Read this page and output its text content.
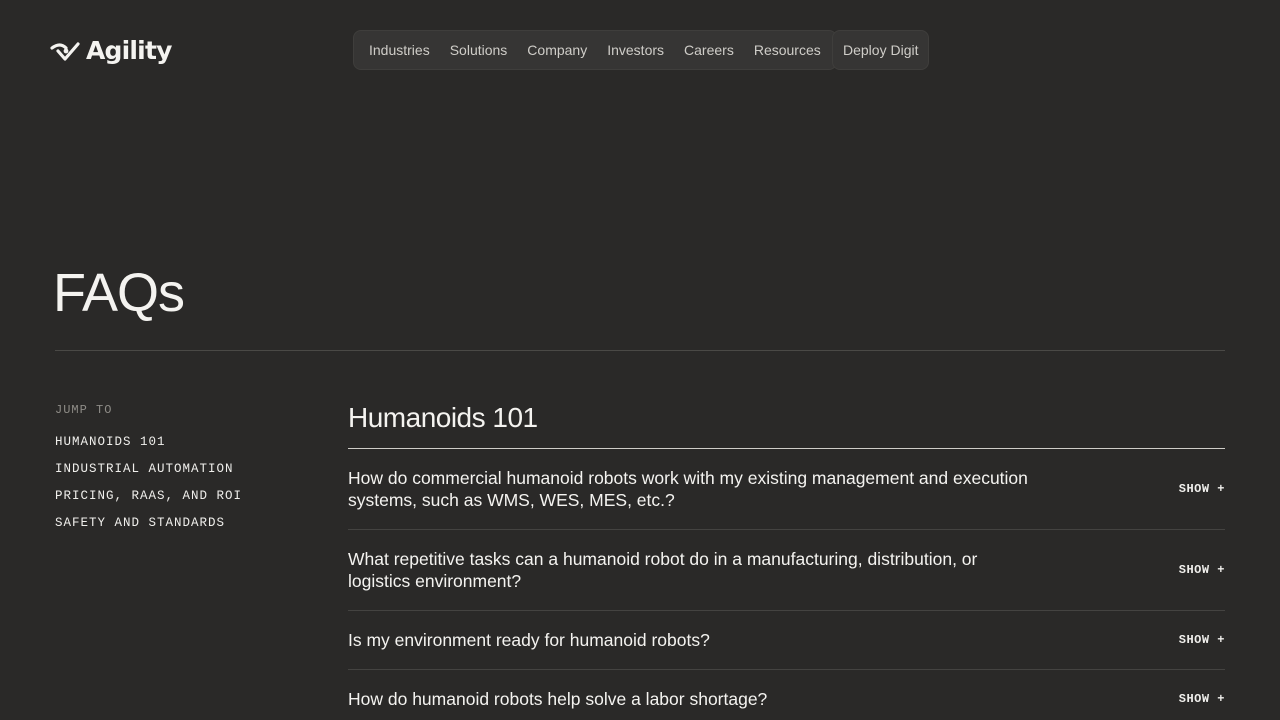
Agility	Industries	Solutions	Company	Investors	Careers	Resources	Deploy Digit
FAQs
JUMP TO
HUMANOIDS 101
INDUSTRIAL AUTOMATION
PRICING, RAAS, AND ROI
SAFETY AND STANDARDS
Humanoids 101
How do commercial humanoid robots work with my existing management and execution systems, such as WMS, WES, MES, etc.?
SHOW +
What repetitive tasks can a humanoid robot do in a manufacturing, distribution, or logistics environment?
SHOW +
Is my environment ready for humanoid robots?	SHOW +
How do humanoid robots help solve a labor shortage?	SHOW +
